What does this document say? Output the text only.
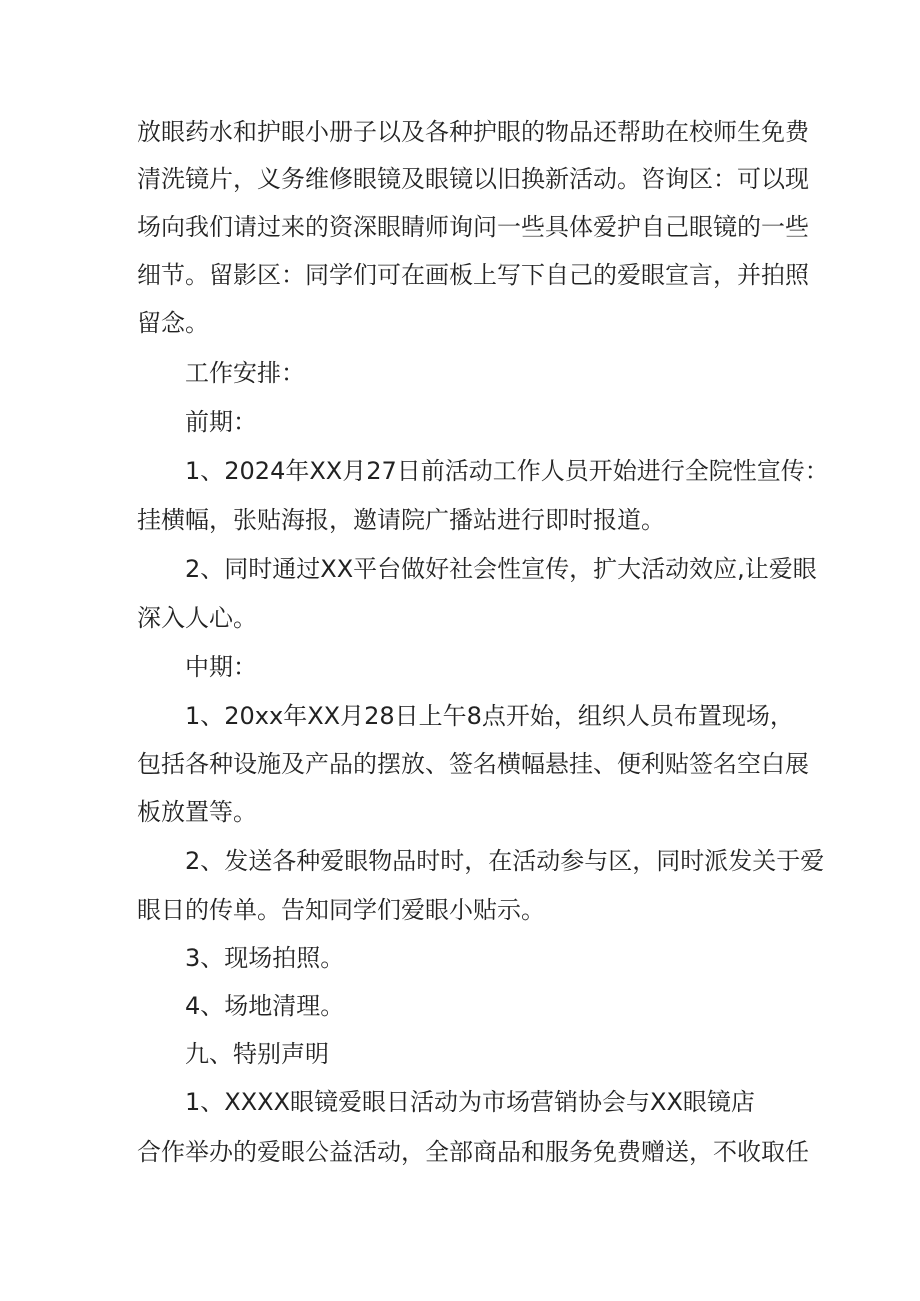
放眼药水和护眼小册子以及各种护眼的物品还帮助在校师生免费
清洗镜片，义务维修眼镜及眼镜以旧换新活动。咨询区：可以现
场向我们请过来的资深眼睛师询问一些具体爱护自己眼镜的一些
细节。留影区：同学们可在画板上写下自己的爱眼宣言，并拍照
留念。
工作安排：
前期：
1、2024年XX月27日前活动工作人员开始进行全院性宣传：
挂横幅，张贴海报，邀请院广播站进行即时报道。
2、同时通过XX平台做好社会性宣传，扩大活动效应,让爱眼
深入人心。
中期：
1、20xx年XX月28日上午8点开始，组织人员布置现场，
包括各种设施及产品的摆放、签名横幅悬挂、便利贴签名空白展
板放置等。
2、发送各种爱眼物品时时，在活动参与区，同时派发关于爱
眼日的传单。告知同学们爱眼小贴示。
3、现场拍照。
4、场地清理。
九、特别声明
1、XXXX眼镜爱眼日活动为市场营销协会与XX眼镜店
合作举办的爱眼公益活动，全部商品和服务免费赠送，不收取任
